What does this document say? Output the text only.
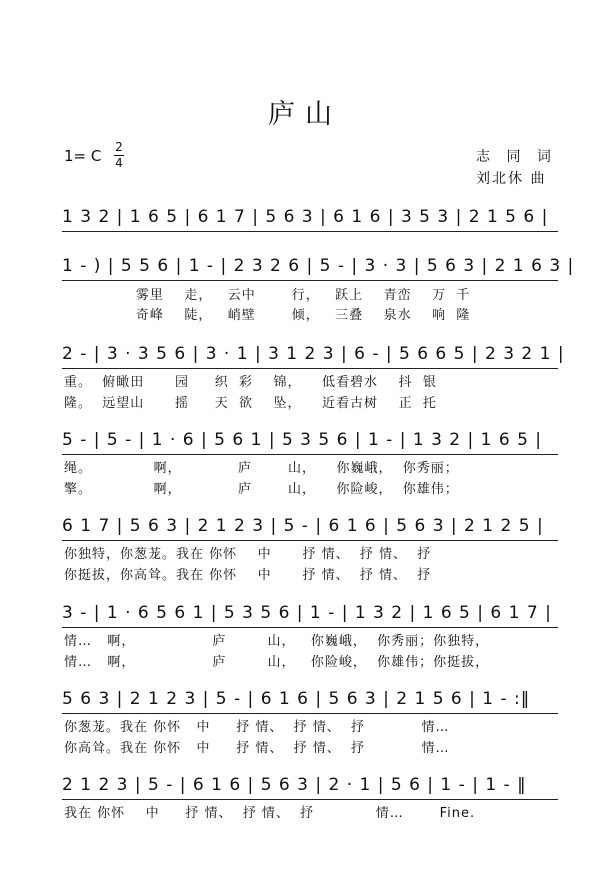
庐山
1= C 2
4	志 同 词
刘北休 曲
1 3 2 | 1 6 5 | 6 1 7 | 5 6 3 | 6 1 6 | 3 5 3 | 2 1 5 6 |
1 - ) | 5 5 6 | 1 - | 2 3 2 6 | 5 - | 3 · 3 | 5 6 3 | 2 1 6 3 |
雾里    走，   云中       行，   跃上    青峦    万  千
奇峰    陡，   峭壁       倾，   三叠    泉水    响  隆
2 - | 3 · 3 5 6 | 3 · 1 | 3 1 2 3 | 6 - | 5 6 6 5 | 2 3 2 1 |
重。  俯瞰田      园     织  彩    锦，    低看碧水    抖  银
隆。  远望山      摇     天  欲    坠，    近看古树    正  托
5 - | 5 - | 1 · 6 | 5 6 1 | 5 3 5 6 | 1 - | 1 3 2 | 1 6 5 |
绳。            啊，           庐       山，    你巍峨，  你秀丽；
擎。            啊，           庐       山，    你险峻，  你雄伟；
6 1 7 | 5 6 3 | 2 1 2 3 | 5 - | 6 1 6 | 5 6 3 | 2 1 2 5 |
你独特，你葱茏。我在 你怀    中      抒 情、  抒 情、  抒
你挺拔，你高耸。我在 你怀    中      抒 情、  抒 情、  抒
3 - | 1 · 6 5 6 1 | 5 3 5 6 | 1 - | 1 3 2 | 1 6 5 | 6 1 7 |
情…   啊，               庐        山，   你巍峨，  你秀丽；你独特，
情…   啊，               庐        山，   你险峻，  你雄伟；你挺拔，
5 6 3 | 2 1 2 3 | 5 - | 6 1 6 | 5 6 3 | 2 1 5 6 | 1 - :‖
你葱茏。我在 你怀   中     抒 情、  抒 情、  抒           情…
你高耸。我在 你怀   中     抒 情、  抒 情、  抒           情…
2 1 2 3 | 5 - | 6 1 6 | 5 6 3 | 2 · 1 | 5 6 | 1 - | 1 - ‖
我在 你怀    中     抒 情、  抒 情、  抒            情…       Fine.
